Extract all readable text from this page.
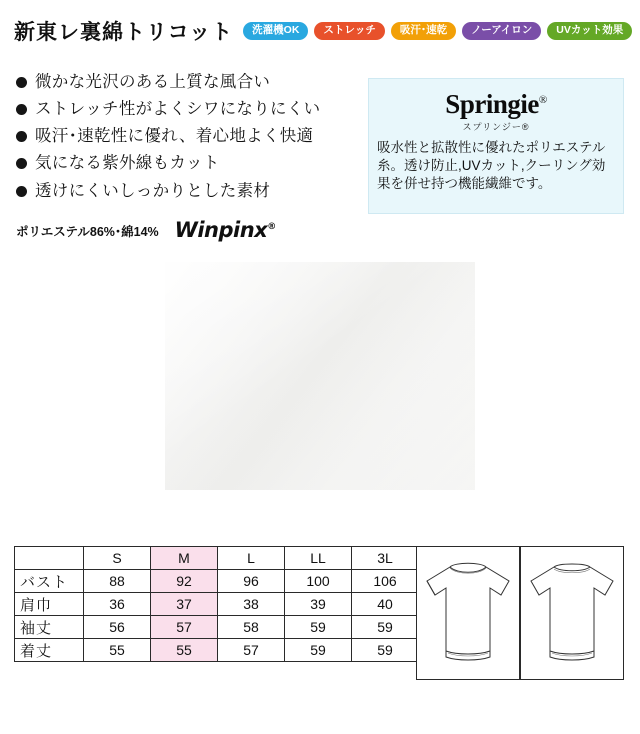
新東レ裏綿トリコット	洗濯機OK	ストレッチ	吸汗･速乾	ノーアイロン	UVカット効果
微かな光沢のある上質な風合い
ストレッチ性がよくシワになりにくい
吸汗･速乾性に優れ、着心地よく快適
気になる紫外線もカット
透けにくいしっかりとした素材
ポリエステル86%･綿14% Winpinx®
Springie®
スプリンジー®
吸水性と拡散性に優れたポリエステル糸。透け防止,UVカット,クーリング効果を併せ持つ機能繊維です。
	S	M	L	LL	3L
バスト	88	92	96	100	106
肩巾	36	37	38	39	40
袖丈	56	57	58	59	59
着丈	55	55	57	59	59
